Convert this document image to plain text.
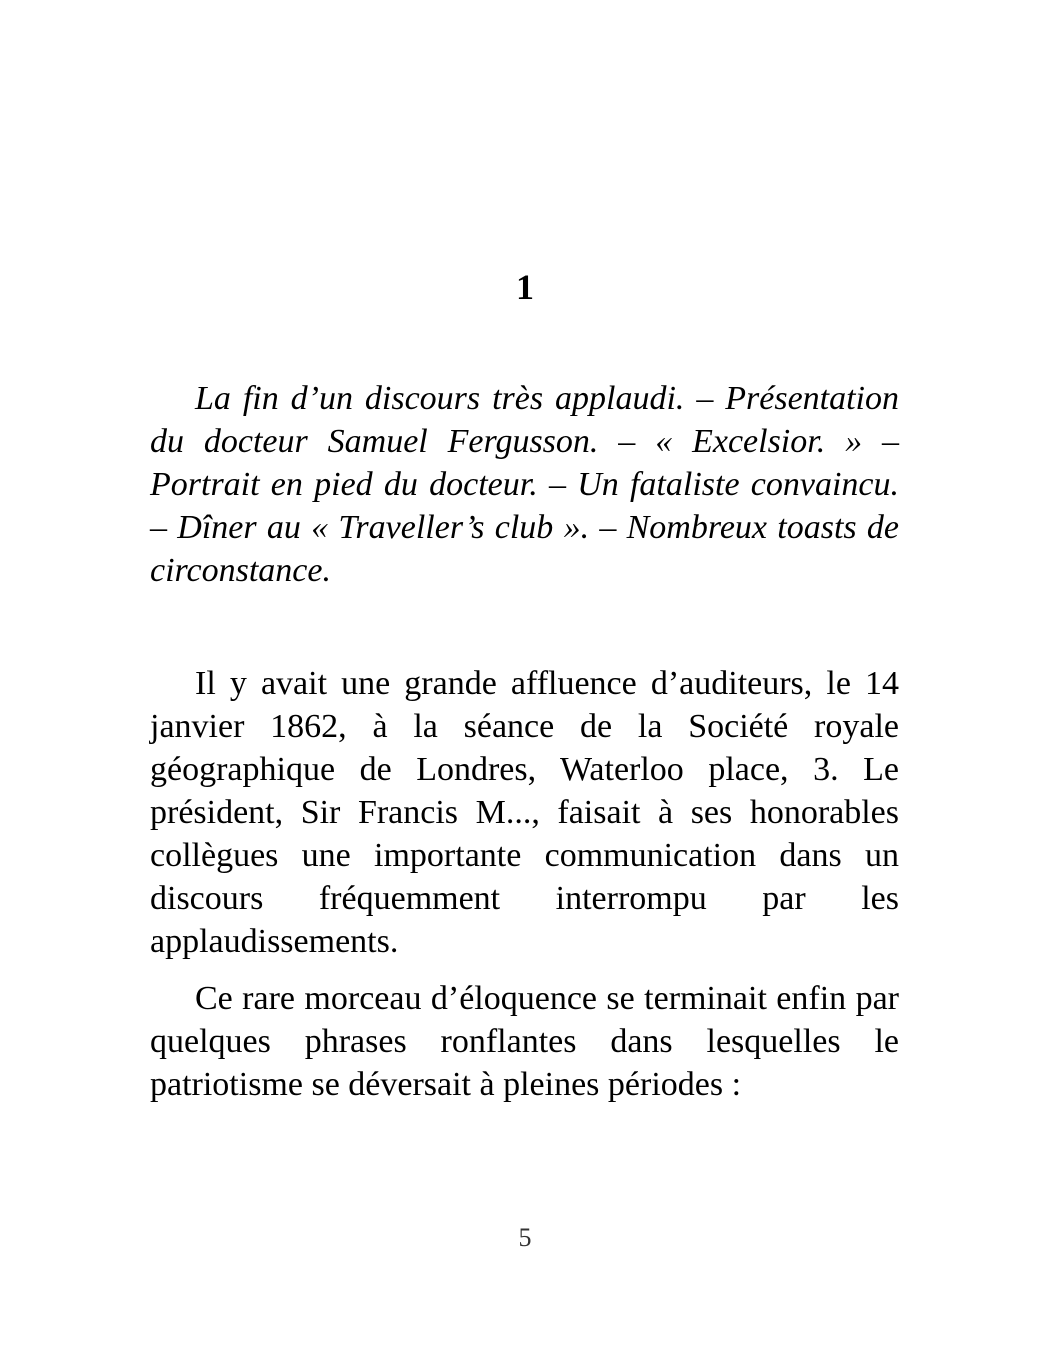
1

La fin d’un discours très applaudi. – Présentation du docteur Samuel Fergusson. – « Excelsior. » – Portrait en pied du docteur. – Un fataliste convaincu. – Dîner au « Traveller’s club ». – Nombreux toasts de circonstance.

Il y avait une grande affluence d’auditeurs, le 14 janvier 1862, à la séance de la Société royale géographique de Londres, Waterloo place, 3. Le président, Sir Francis M..., faisait à ses honorables collègues une importante communication dans un discours fréquemment interrompu par les applaudissements.

Ce rare morceau d’éloquence se terminait enfin par quelques phrases ronflantes dans lesquelles le patriotisme se déversait à pleines périodes :

5
